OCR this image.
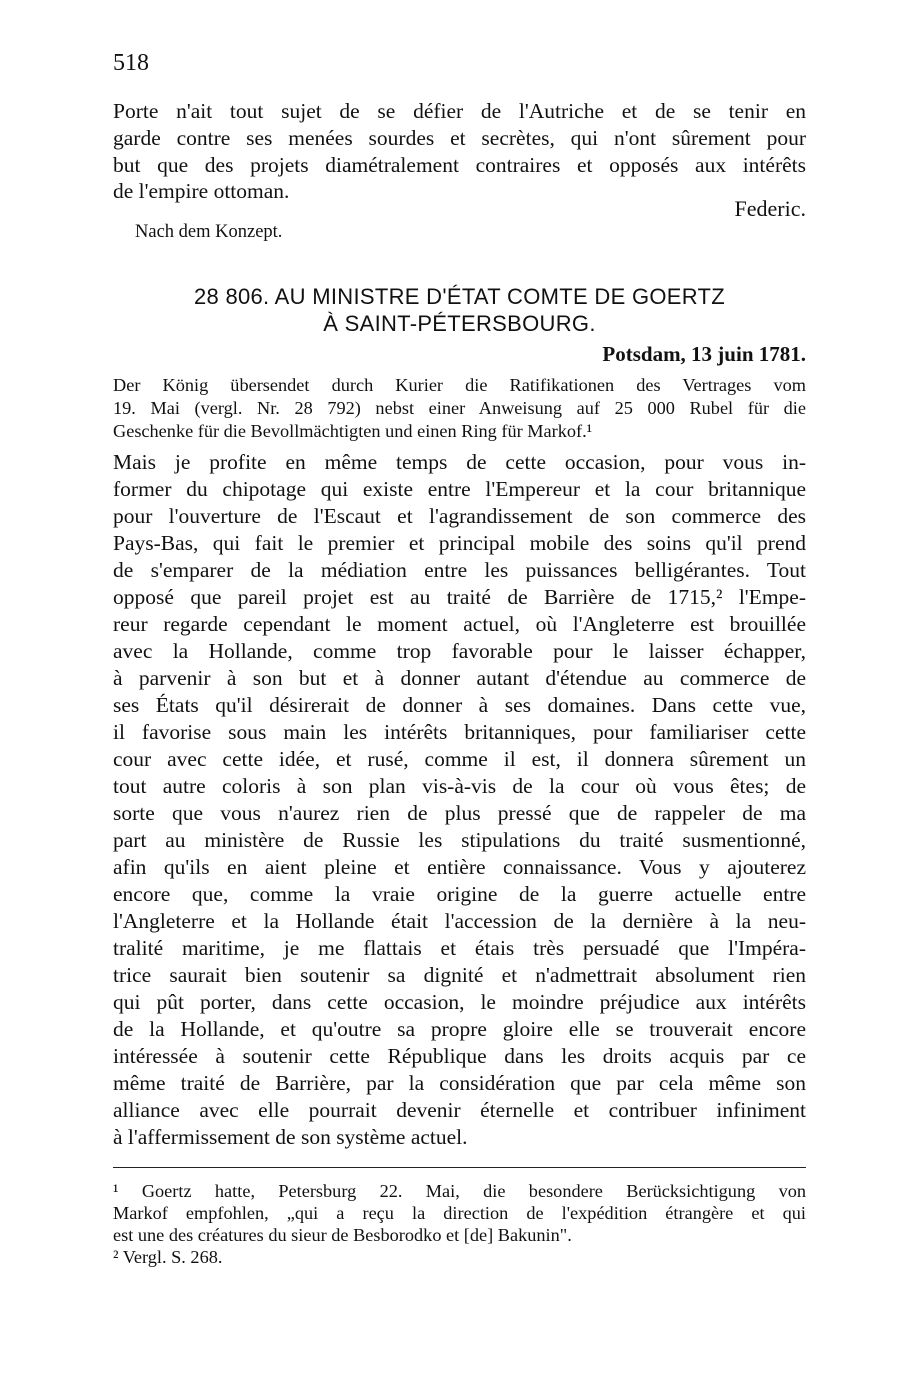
518
Porte n'ait tout sujet de se défier de l'Autriche et de se tenir en
garde contre ses menées sourdes et secrètes, qui n'ont sûrement pour
but que des projets diamétralement contraires et opposés aux intérêts
de l'empire ottoman.
Federic.
Nach dem Konzept.
28 806. AU MINISTRE D'ÉTAT COMTE DE GOERTZ
À SAINT-PÉTERSBOURG.
Potsdam, 13 juin 1781.
Der König übersendet durch Kurier die Ratifikationen des Vertrages vom
19. Mai (vergl. Nr. 28 792) nebst einer Anweisung auf 25 000 Rubel für die
Geschenke für die Bevollmächtigten und einen Ring für Markof.¹
Mais je profite en même temps de cette occasion, pour vous in-
former du chipotage qui existe entre l'Empereur et la cour britannique
pour l'ouverture de l'Escaut et l'agrandissement de son commerce des
Pays-Bas, qui fait le premier et principal mobile des soins qu'il prend
de s'emparer de la médiation entre les puissances belligérantes. Tout
opposé que pareil projet est au traité de Barrière de 1715,² l'Empe-
reur regarde cependant le moment actuel, où l'Angleterre est brouillée
avec la Hollande, comme trop favorable pour le laisser échapper,
à parvenir à son but et à donner autant d'étendue au commerce de
ses États qu'il désirerait de donner à ses domaines. Dans cette vue,
il favorise sous main les intérêts britanniques, pour familiariser cette
cour avec cette idée, et rusé, comme il est, il donnera sûrement un
tout autre coloris à son plan vis-à-vis de la cour où vous êtes; de
sorte que vous n'aurez rien de plus pressé que de rappeler de ma
part au ministère de Russie les stipulations du traité susmentionné,
afin qu'ils en aient pleine et entière connaissance. Vous y ajouterez
encore que, comme la vraie origine de la guerre actuelle entre
l'Angleterre et la Hollande était l'accession de la dernière à la neu-
tralité maritime, je me flattais et étais très persuadé que l'Impéra-
trice saurait bien soutenir sa dignité et n'admettrait absolument rien
qui pût porter, dans cette occasion, le moindre préjudice aux intérêts
de la Hollande, et qu'outre sa propre gloire elle se trouverait encore
intéressée à soutenir cette République dans les droits acquis par ce
même traité de Barrière, par la considération que par cela même son
alliance avec elle pourrait devenir éternelle et contribuer infiniment
à l'affermissement de son système actuel.
¹ Goertz hatte, Petersburg 22. Mai, die besondere Berücksichtigung von
Markof empfohlen, „qui a reçu la direction de l'expédition étrangère et qui
est une des créatures du sieur de Besborodko et [de] Bakunin".
² Vergl. S. 268.
